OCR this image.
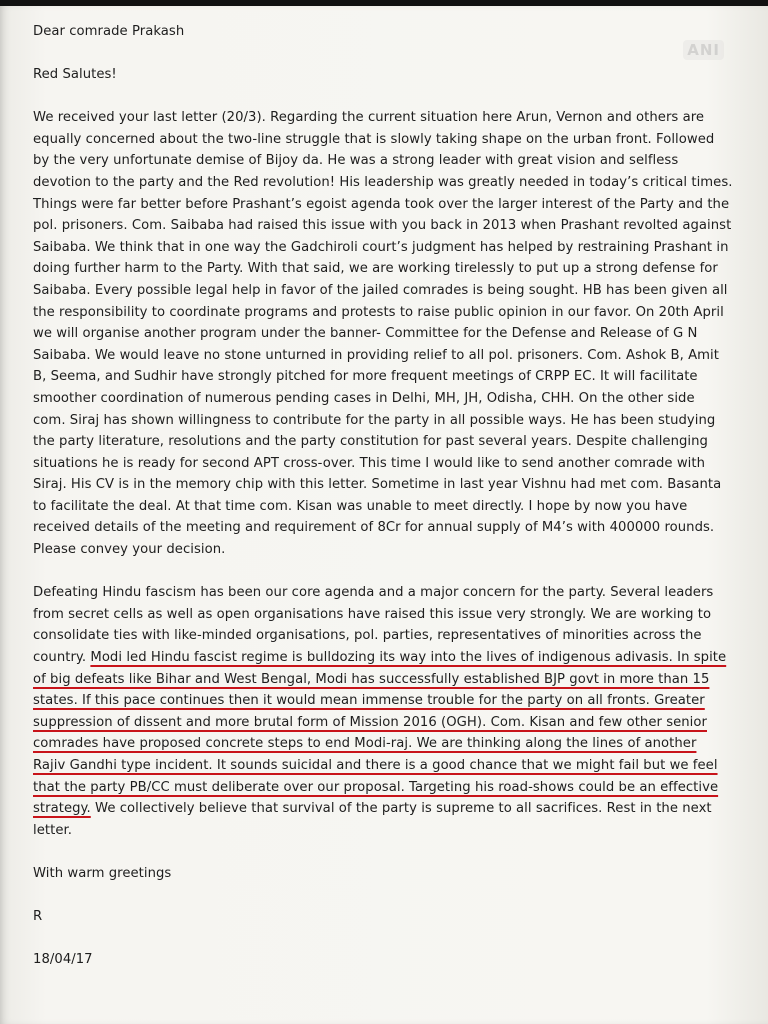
ANI
Dear comrade Prakash
Red Salutes!
We received your last letter (20/3). Regarding the current situation here Arun, Vernon and others are
equally concerned about the two-line struggle that is slowly taking shape on the urban front. Followed
by the very unfortunate demise of Bijoy da. He was a strong leader with great vision and selfless
devotion to the party and the Red revolution! His leadership was greatly needed in today’s critical times.
Things were far better before Prashant’s egoist agenda took over the larger interest of the Party and the
pol. prisoners. Com. Saibaba had raised this issue with you back in 2013 when Prashant revolted against
Saibaba. We think that in one way the Gadchiroli court’s judgment has helped by restraining Prashant in
doing further harm to the Party. With that said, we are working tirelessly to put up a strong defense for
Saibaba. Every possible legal help in favor of the jailed comrades is being sought. HB has been given all
the responsibility to coordinate programs and protests to raise public opinion in our favor. On 20th April
we will organise another program under the banner- Committee for the Defense and Release of G N
Saibaba. We would leave no stone unturned in providing relief to all pol. prisoners. Com. Ashok B, Amit
B, Seema, and Sudhir have strongly pitched for more frequent meetings of CRPP EC. It will facilitate
smoother coordination of numerous pending cases in Delhi, MH, JH, Odisha, CHH. On the other side
com. Siraj has shown willingness to contribute for the party in all possible ways. He has been studying
the party literature, resolutions and the party constitution for past several years. Despite challenging
situations he is ready for second APT cross-over. This time I would like to send another comrade with
Siraj. His CV is in the memory chip with this letter. Sometime in last year Vishnu had met com. Basanta
to facilitate the deal. At that time com. Kisan was unable to meet directly. I hope by now you have
received details of the meeting and requirement of 8Cr for annual supply of M4’s with 400000 rounds.
Please convey your decision.
Defeating Hindu fascism has been our core agenda and a major concern for the party. Several leaders
from secret cells as well as open organisations have raised this issue very strongly. We are working to
consolidate ties with like-minded organisations, pol. parties, representatives of minorities across the
country. Modi led Hindu fascist regime is bulldozing its way into the lives of indigenous adivasis. In spite
of big defeats like Bihar and West Bengal, Modi has successfully established BJP govt in more than 15
states. If this pace continues then it would mean immense trouble for the party on all fronts. Greater
suppression of dissent and more brutal form of Mission 2016 (OGH). Com. Kisan and few other senior
comrades have proposed concrete steps to end Modi-raj. We are thinking along the lines of another
Rajiv Gandhi type incident. It sounds suicidal and there is a good chance that we might fail but we feel
that the party PB/CC must deliberate over our proposal. Targeting his road-shows could be an effective
strategy. We collectively believe that survival of the party is supreme to all sacrifices. Rest in the next
letter.
With warm greetings
R
18/04/17
